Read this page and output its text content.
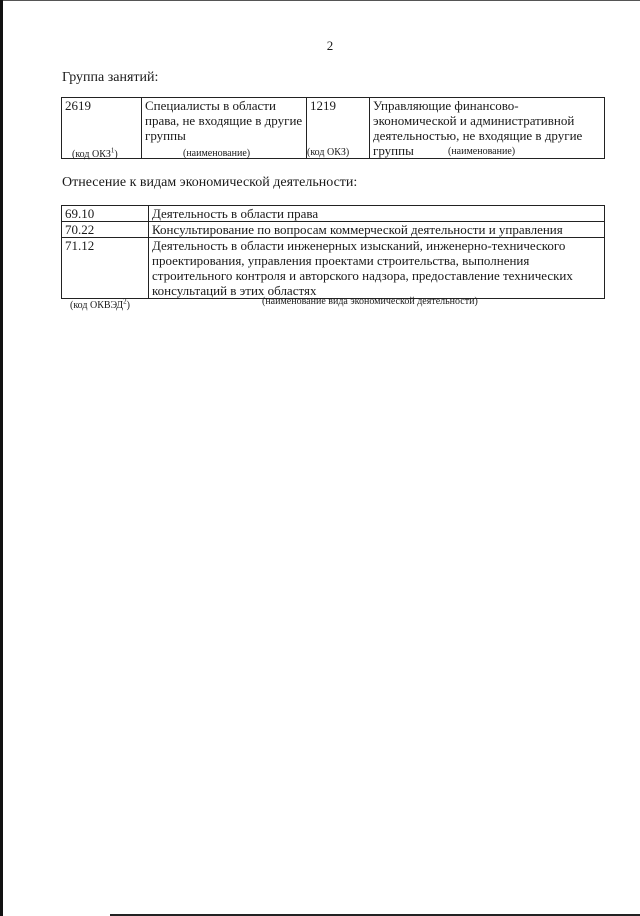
2
Группа занятий:
2619	Специалисты в области права, не входящие в другие группы	1219	Управляющие финансово-экономической и административной деятельностью, не входящие в другие группы
(код ОКЗ$^1$)	(наименование)	(код ОКЗ)	(наименование)
Отнесение к видам экономической деятельности:
69.10	Деятельность в области права
70.22	Консультирование по вопросам коммерческой деятельности и управления
71.12	Деятельность в области инженерных изысканий, инженерно-технического проектирования, управления проектами строительства, выполнения строительного контроля и авторского надзора, предоставление технических консультаций в этих областях
(код ОКВЭД$^2$)	(наименование вида экономической деятельности)
